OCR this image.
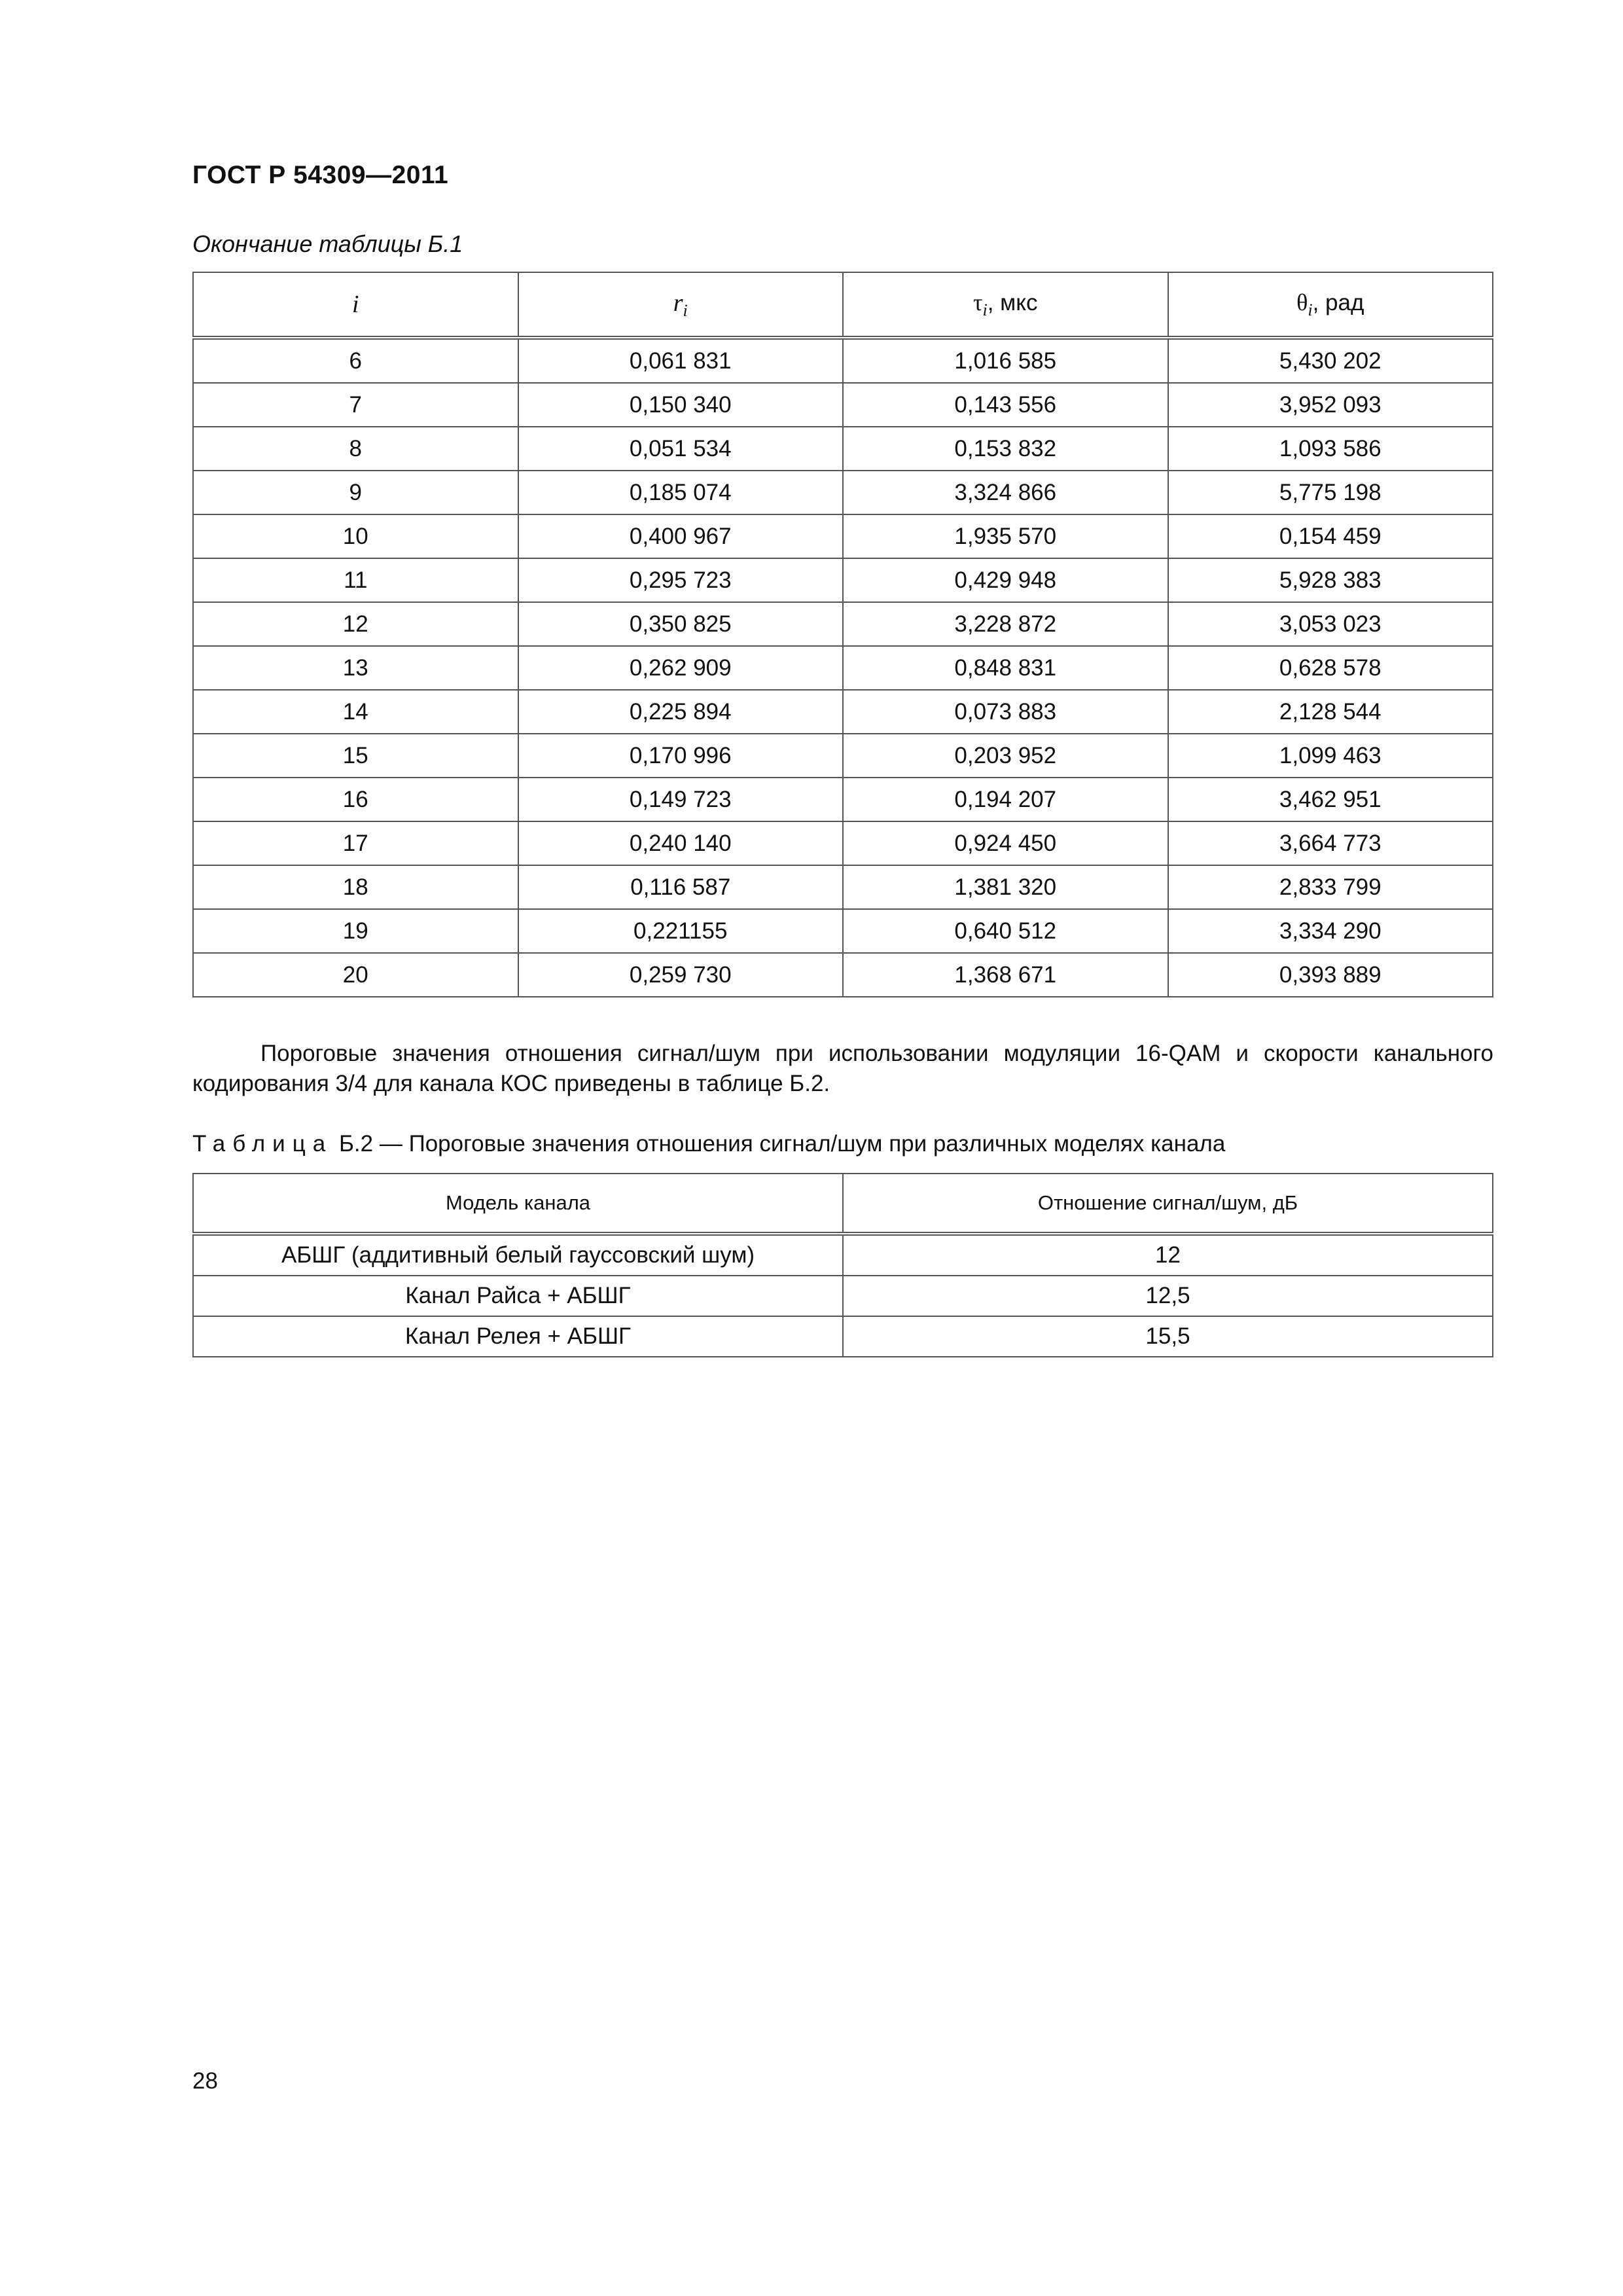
ГОСТ Р 54309—2011
Окончание таблицы Б.1
i	$r_i$	$\tau_i$, мкс	$\theta_i$, рад
6	0,061 831	1,016 585	5,430 202
7	0,150 340	0,143 556	3,952 093
8	0,051 534	0,153 832	1,093 586
9	0,185 074	3,324 866	5,775 198
10	0,400 967	1,935 570	0,154 459
11	0,295 723	0,429 948	5,928 383
12	0,350 825	3,228 872	3,053 023
13	0,262 909	0,848 831	0,628 578
14	0,225 894	0,073 883	2,128 544
15	0,170 996	0,203 952	1,099 463
16	0,149 723	0,194 207	3,462 951
17	0,240 140	0,924 450	3,664 773
18	0,116 587	1,381 320	2,833 799
19	0,221155	0,640 512	3,334 290
20	0,259 730	1,368 671	0,393 889
Пороговые значения отношения сигнал/шум при использовании модуляции 16-QAM и скорости канального кодирования 3/4 для канала КОС приведены в таблице Б.2.
Таблица Б.2 — Пороговые значения отношения сигнал/шум при различных моделях канала
Модель канала	Отношение сигнал/шум, дБ
АБШГ (аддитивный белый гауссовский шум)	12
Канал Райса + АБШГ	12,5
Канал Релея + АБШГ	15,5
28
